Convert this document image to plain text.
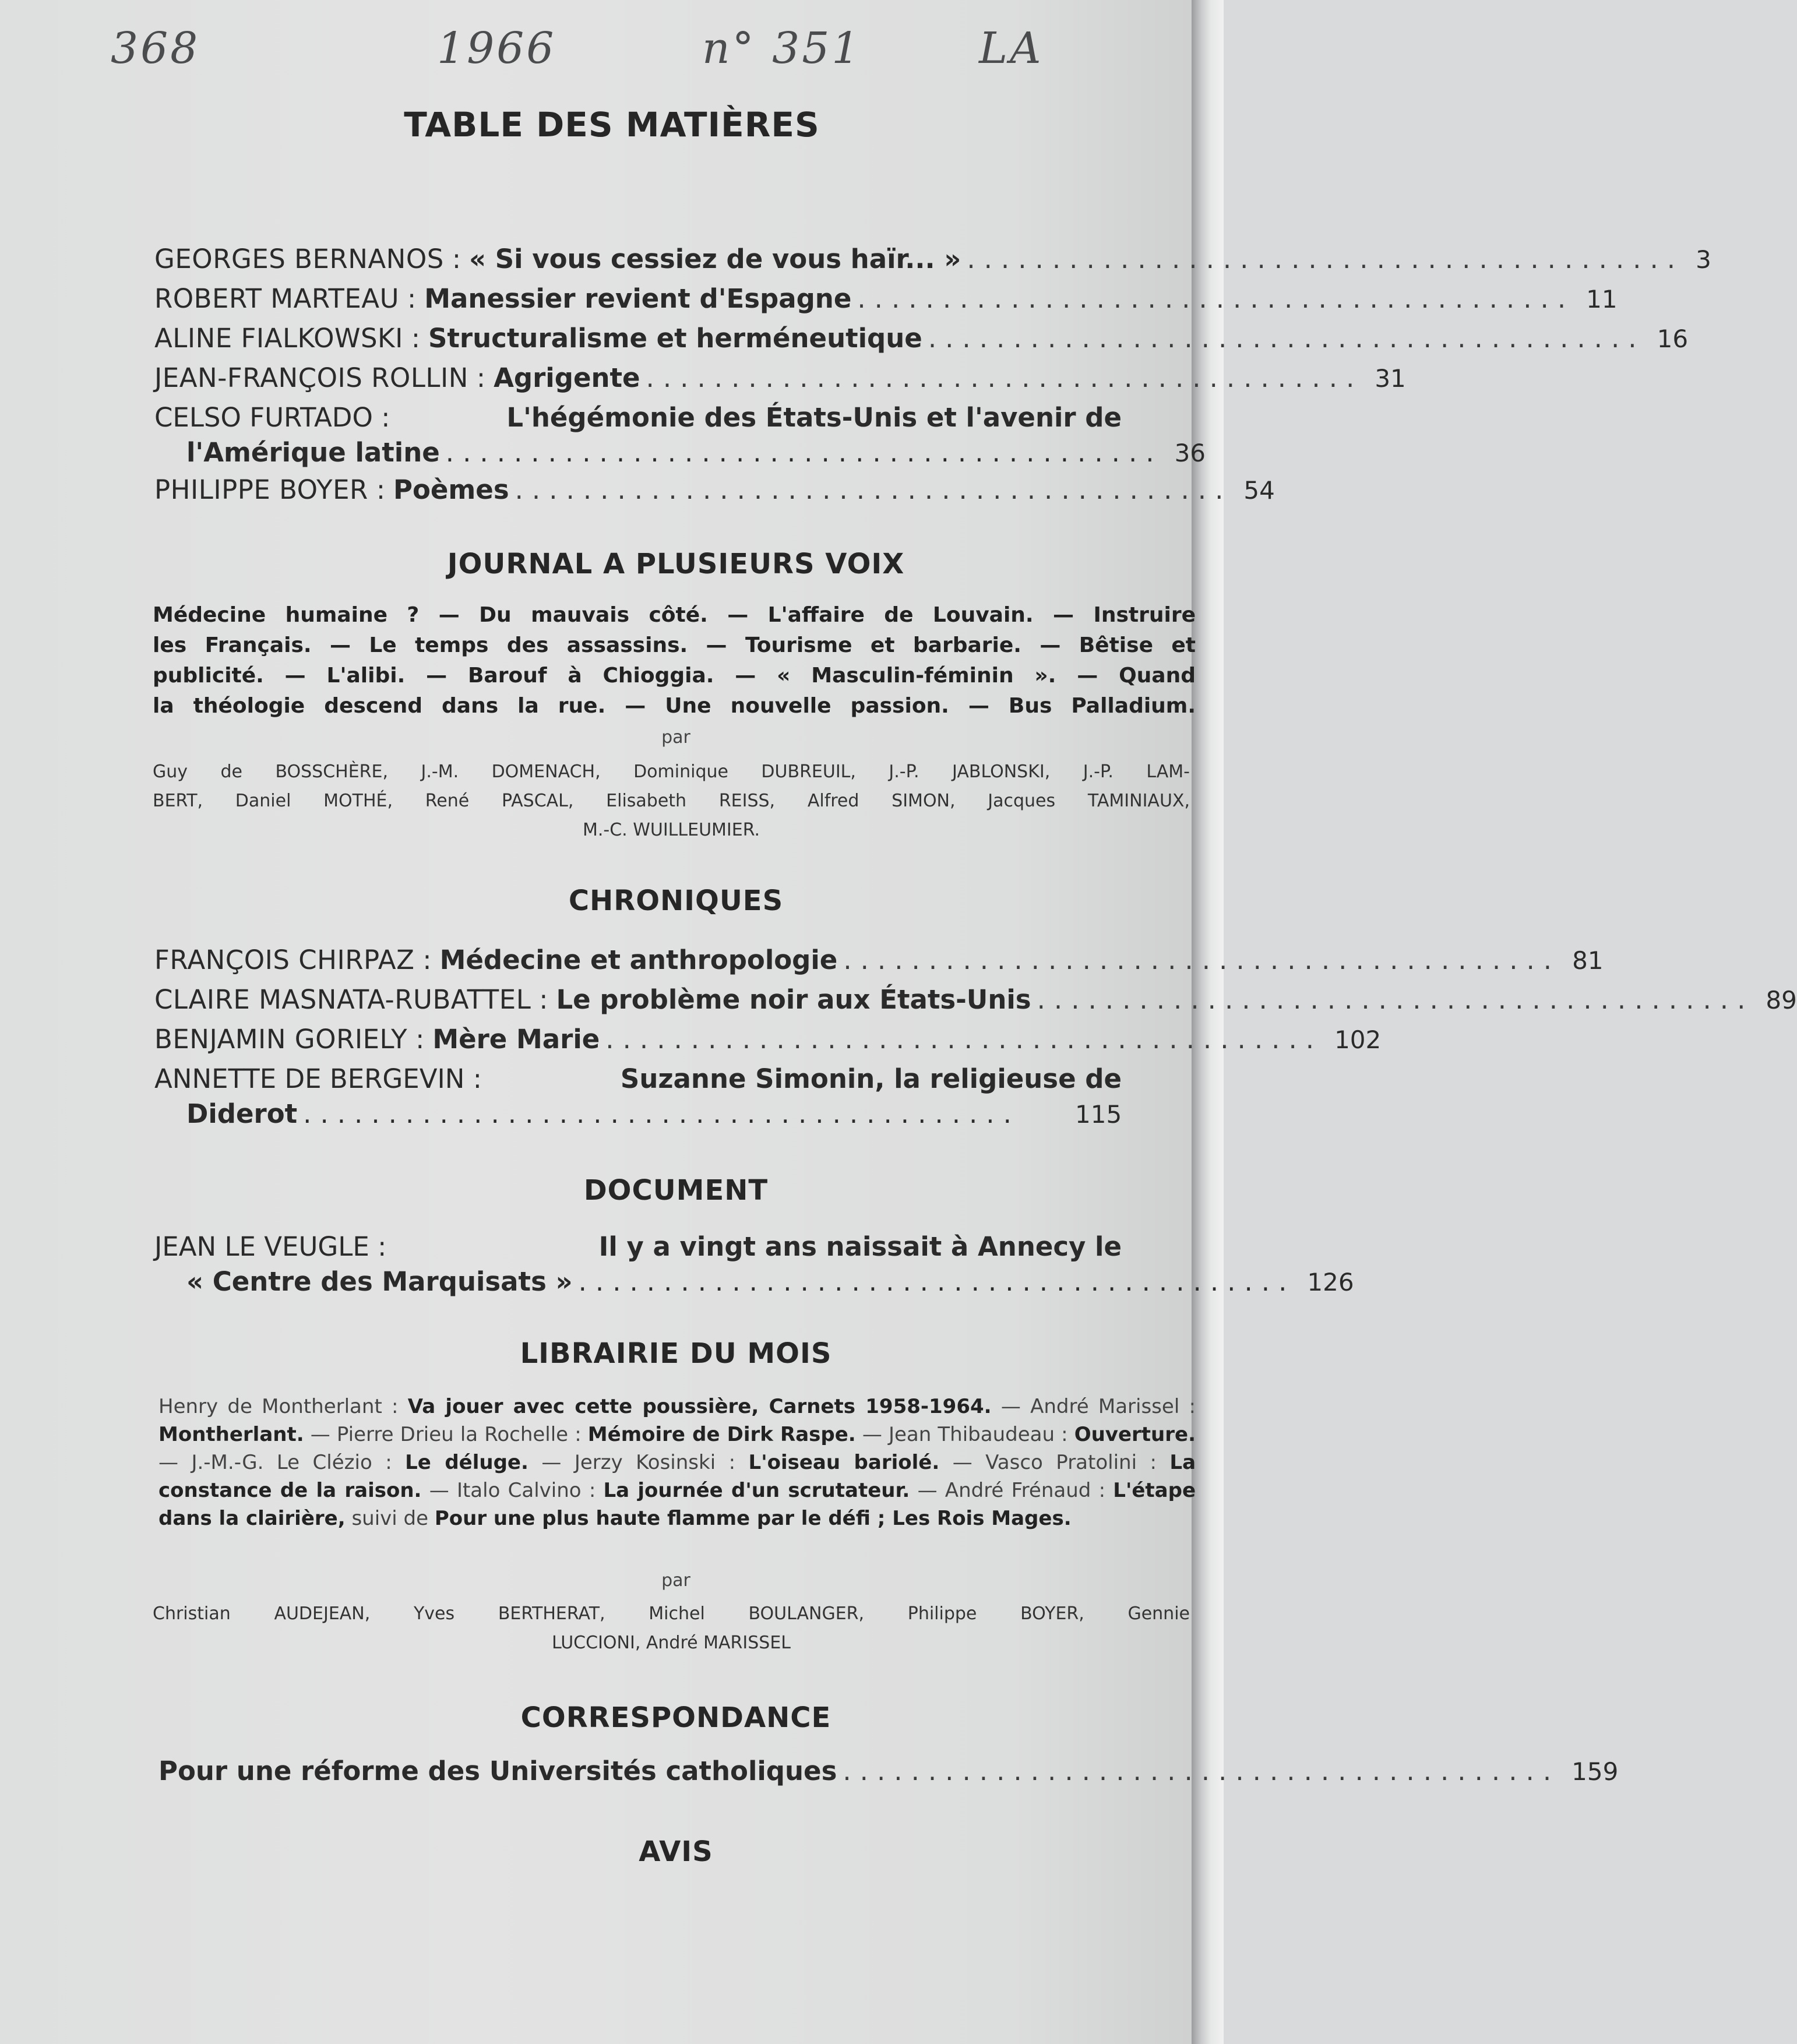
368	1966	n° 351	LA
TABLE DES MATIÈRES
GEORGES BERNANOS : « Si vous cessiez de vous haïr... » .......................................... 3
ROBERT MARTEAU : Manessier revient d'Espagne .......................................... 11
ALINE FIALKOWSKI : Structuralisme et herméneutique .......................................... 16
JEAN-FRANÇOIS ROLLIN : Agrigente .......................................... 31
CELSO FURTADO :	L'hégémonie des États-Unis et l'avenir de
l'Amérique latine .......................................... 36
PHILIPPE BOYER : Poèmes .......................................... 54
JOURNAL A PLUSIEURS VOIX
Médecine humaine ? — Du mauvais côté. — L'affaire de Louvain. — Instruire
les Français. — Le temps des assassins. — Tourisme et barbarie. — Bêtise et
publicité. — L'alibi. — Barouf à Chioggia. — « Masculin-féminin ». — Quand
la théologie descend dans la rue. — Une nouvelle passion. — Bus Palladium.
par
Guy de BOSSCHÈRE, J.-M. DOMENACH, Dominique DUBREUIL, J.-P. JABLONSKI, J.-P. LAM-
BERT, Daniel MOTHÉ, René PASCAL, Elisabeth REISS, Alfred SIMON, Jacques TAMINIAUX,
M.-C. WUILLEUMIER.
CHRONIQUES
FRANÇOIS CHIRPAZ : Médecine et anthropologie .......................................... 81
CLAIRE MASNATA-RUBATTEL : Le problème noir aux États-Unis .......................................... 89
BENJAMIN GORIELY : Mère Marie .......................................... 102
ANNETTE DE BERGEVIN :	Suzanne Simonin, la religieuse de
Diderot ..........................................	115
DOCUMENT
JEAN LE VEUGLE :	Il y a vingt ans naissait à Annecy le
« Centre des Marquisats » .......................................... 126
LIBRAIRIE DU MOIS
Henry de Montherlant : Va jouer avec cette poussière, Carnets 1958-1964. — André Marissel : Montherlant. — Pierre Drieu la Rochelle : Mémoire de Dirk Raspe. — Jean Thibaudeau : Ouverture. — J.-M.-G. Le Clézio : Le déluge. — Jerzy Kosinski : L'oiseau bariolé. — Vasco Pratolini : La constance de la raison. — Italo Calvino : La journée d'un scrutateur. — André Frénaud : L'étape dans la clairière, suivi de Pour une plus haute flamme par le défi ; Les Rois Mages.
par
Christian AUDEJEAN, Yves BERTHERAT, Michel BOULANGER, Philippe BOYER, Gennie
LUCCIONI, André MARISSEL
CORRESPONDANCE
Pour une réforme des Universités catholiques .......................................... 159
AVIS
